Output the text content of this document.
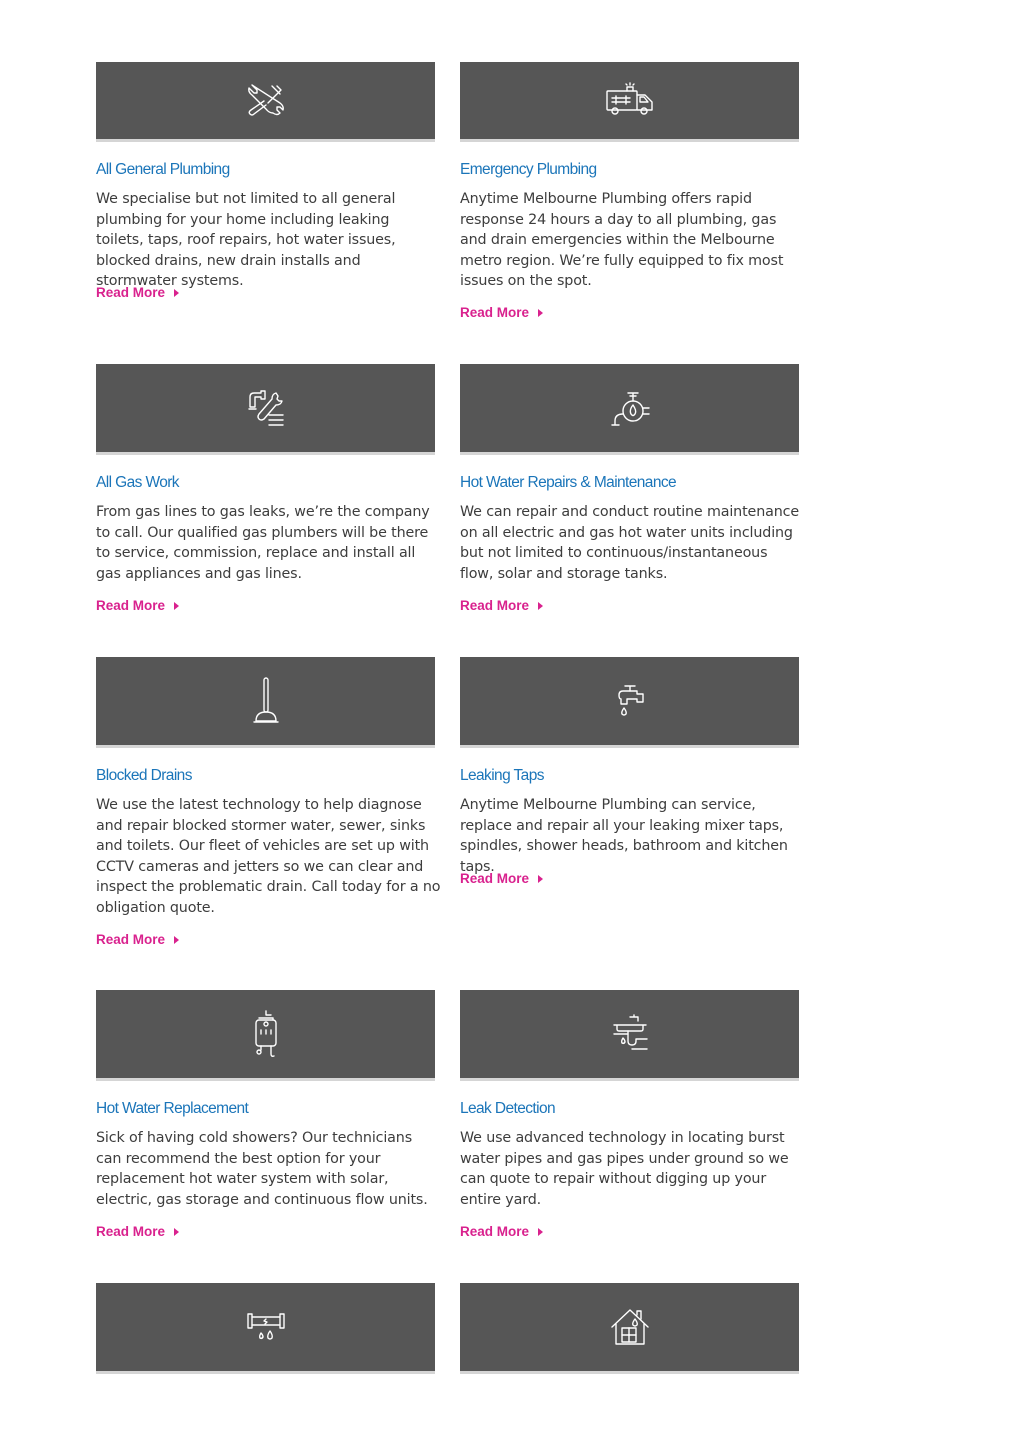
All General Plumbing

We specialise but not limited to all general plumbing for your home including leaking toilets, taps, roof repairs, hot water issues, blocked drains, new drain installs and stormwater systems.

Read More
Emergency Plumbing

Anytime Melbourne Plumbing offers rapid response 24 hours a day to all plumbing, gas and drain emergencies within the Melbourne metro region. We’re fully equipped to fix most issues on the spot.

Read More
All Gas Work

From gas lines to gas leaks, we’re the company to call. Our qualified gas plumbers will be there to service, commission, replace and install all gas appliances and gas lines.

Read More
Hot Water Repairs & Maintenance

We can repair and conduct routine maintenance on all electric and gas hot water units including but not limited to continuous/instantaneous flow, solar and storage tanks.

Read More
Blocked Drains

We use the latest technology to help diagnose and repair blocked stormer water, sewer, sinks and toilets. Our fleet of vehicles are set up with CCTV cameras and jetters so we can clear and inspect the problematic drain. Call today for a no obligation quote.

Read More
Leaking Taps

Anytime Melbourne Plumbing can service, replace and repair all your leaking mixer taps, spindles, shower heads, bathroom and kitchen taps.

Read More
Hot Water Replacement

Sick of having cold showers? Our technicians can recommend the best option for your replacement hot water system with solar, electric, gas storage and continuous flow units.

Read More
Leak Detection

We use advanced technology in locating burst water pipes and gas pipes under ground so we can quote to repair without digging up your entire yard.

Read More
